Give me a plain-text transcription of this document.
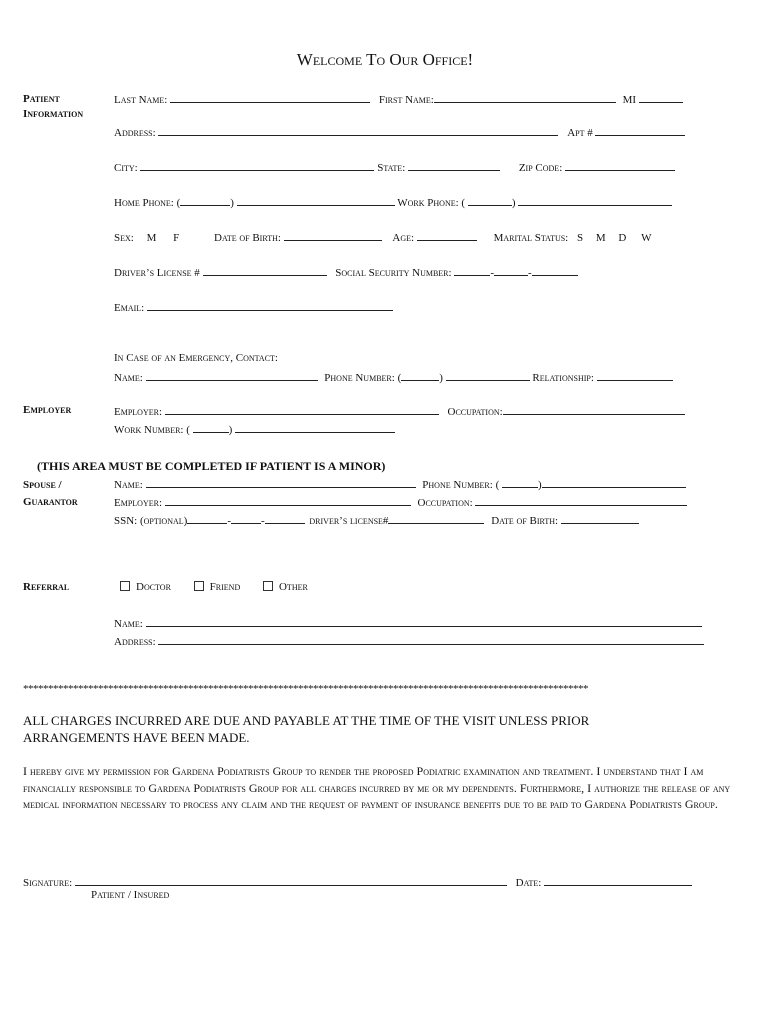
Welcome To Our Office!
Patient Information
Employer
Spouse / Guarantor
Referral
Last Name:	First Name:	MI
Address:	Apt #
City:	State:	Zip Code:
Home Phone: (	)	Work Phone: (	)
Sex: M F	Date of Birth:	Age:	Marital Status: S M D W
Driver’s License #	Social Security Number:	-	-
Email:
In Case of an Emergency, Contact:
Name:	Phone Number: (	)	Relationship:
Employer:	Occupation:
Work Number: (	)
(THIS AREA MUST BE COMPLETED IF PATIENT IS A MINOR)
Name:	Phone Number: (	)
Employer:	Occupation:
SSN: (optional)	-	-	driver’s license#	Date of Birth:
Doctor	Friend	Other
Name:
Address:
*****************************************************************************************************************
ALL CHARGES INCURRED ARE DUE AND PAYABLE AT THE TIME OF THE VISIT UNLESS PRIOR ARRANGEMENTS HAVE BEEN MADE.
I hereby give my permission for Gardena Podiatrists Group to render the proposed Podiatric examination and treatment. I understand that I am financially responsible to Gardena Podiatrists Group for all charges incurred by me or my dependents. Furthermore, I authorize the release of any medical information necessary to process any claim and the request of payment of insurance benefits due to be paid to Gardena Podiatrists Group.
Signature:	Date:
Patient / Insured
